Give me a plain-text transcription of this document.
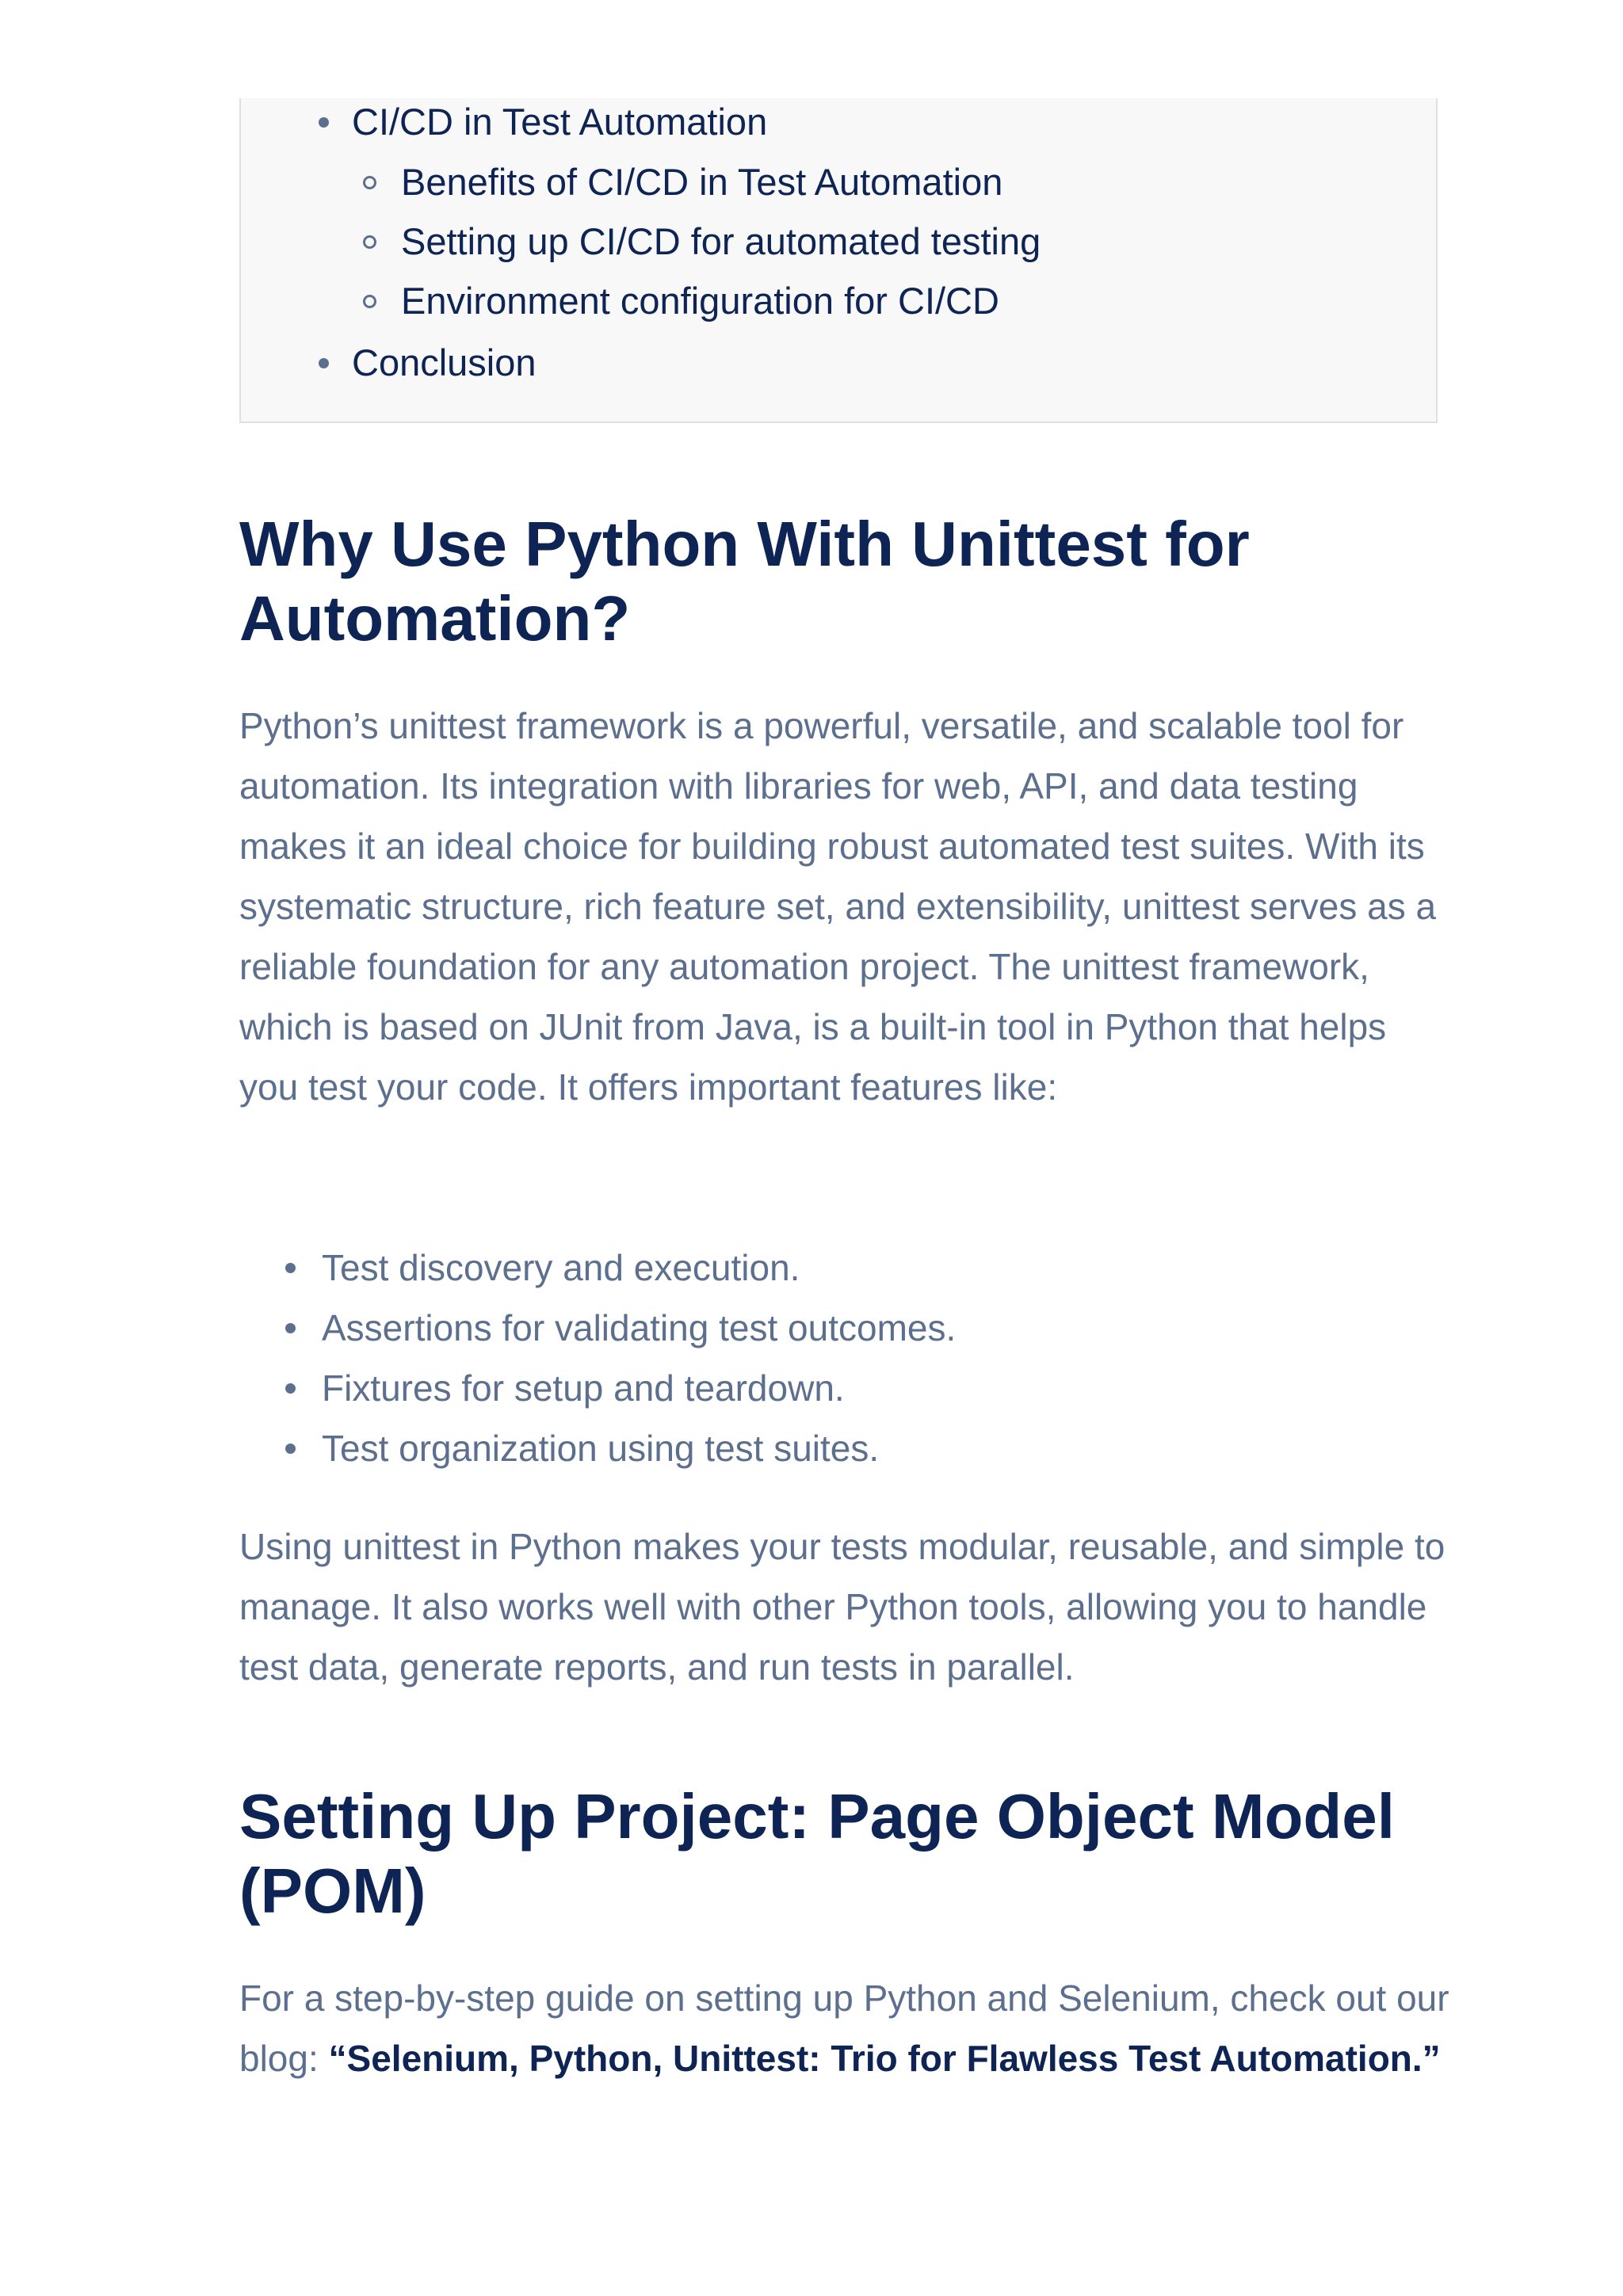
CI/CD in Test Automation
Benefits of CI/CD in Test Automation
Setting up CI/CD for automated testing
Environment configuration for CI/CD
Conclusion
Why Use Python With Unittest for Automation?

Python’s unittest framework is a powerful, versatile, and scalable tool for automation. Its integration with libraries for web, API, and data testing makes it an ideal choice for building robust automated test suites. With its systematic structure, rich feature set, and extensibility, unittest serves as a reliable foundation for any automation project. The unittest framework, which is based on JUnit from Java, is a built-in tool in Python that helps you test your code. It offers important features like:

Test discovery and execution.
Assertions for validating test outcomes.
Fixtures for setup and teardown.
Test organization using test suites.

Using unittest in Python makes your tests modular, reusable, and simple to manage. It also works well with other Python tools, allowing you to handle test data, generate reports, and run tests in parallel.

Setting Up Project: Page Object Model (POM)

For a step-by-step guide on setting up Python and Selenium, check out our blog: “Selenium, Python, Unittest: Trio for Flawless Test Automation.”
